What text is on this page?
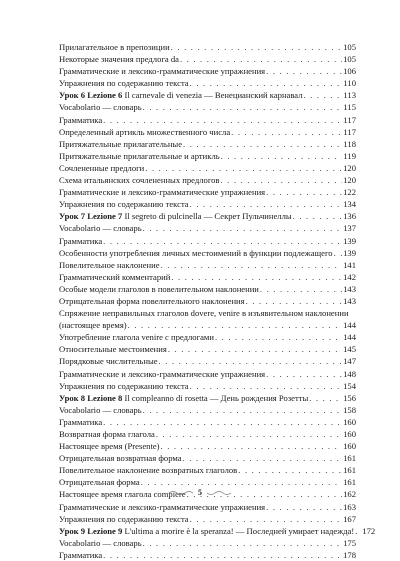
Прилагательное в препозиции . . .	105
Некоторые значения предлога da . . .	105
Грамматические и лексико-грамматические упражнения . . .	106
Упражнения по содержанию текста . . .	110
Урок 6 Lezione 6 Il carnevale di venezia — Венецианский карнавал . . .	113
Vocabolario — словарь . . .	115
Грамматика . . .	117
Определенный артикль множественного числа . . .	117
Притяжательные прилагательные . . .	118
Притяжательные прилагательные и артикль . . .	119
Сочлененные предлоги . . .	120
Схема итальянских сочлененных предлогов . . .	120
Грамматические и лексико-грамматические упражнения . . .	122
Упражнения по содержанию текста . . .	134
Урок 7 Lezione 7 Il segreto di pulcinella — Секрет Пульчинеллы . . .	136
Vocabolario — словарь . . .	137
Грамматика . . .	139
Особенности употребления личных местоимений в функции подлежащего . . . 139
Повелительное наклонение . . .	141
Грамматический комментарий . . .	142
Особые модели глаголов в повелительном наклонении . . .	143
Отрицательная форма повелительного наклонения . . .	143
Спряжение неправильных глаголов dovere, venire в изъявительном наклонении
(настоящее время) . . .	144
Употребление глагола venire с предлогами . . .	144
Относительные местоимения . . .	145
Порядковые числительные . . .	147
Грамматические и лексико-грамматические упражнения . . .	148
Упражнения по содержанию текста . . .	154
Урок 8 Lezione 8 Il compleanno di rosetta — День рождения Розетты . . .	156
Vocabolario — словарь . . .	158
Грамматика . . .	160
Возвратная форма глагола . . .	160
Настоящее время (Presente) . . .	160
Отрицательная возвратная форма . . .	161
Повелительное наклонение возвратных глаголов . . .	161
Отрицательная форма . . .	161
Настоящее время глагола compiere . . .	162
Грамматические и лексико-грамматические упражнения . . .	163
Упражнения по содержанию текста . . .	167
Урок 9 Lezione 9 L'ultima a morire è la speranza! — Последней умирает надежда! . . . 172
Vocabolario — словарь . . .	175
Грамматика . . .	178
5
